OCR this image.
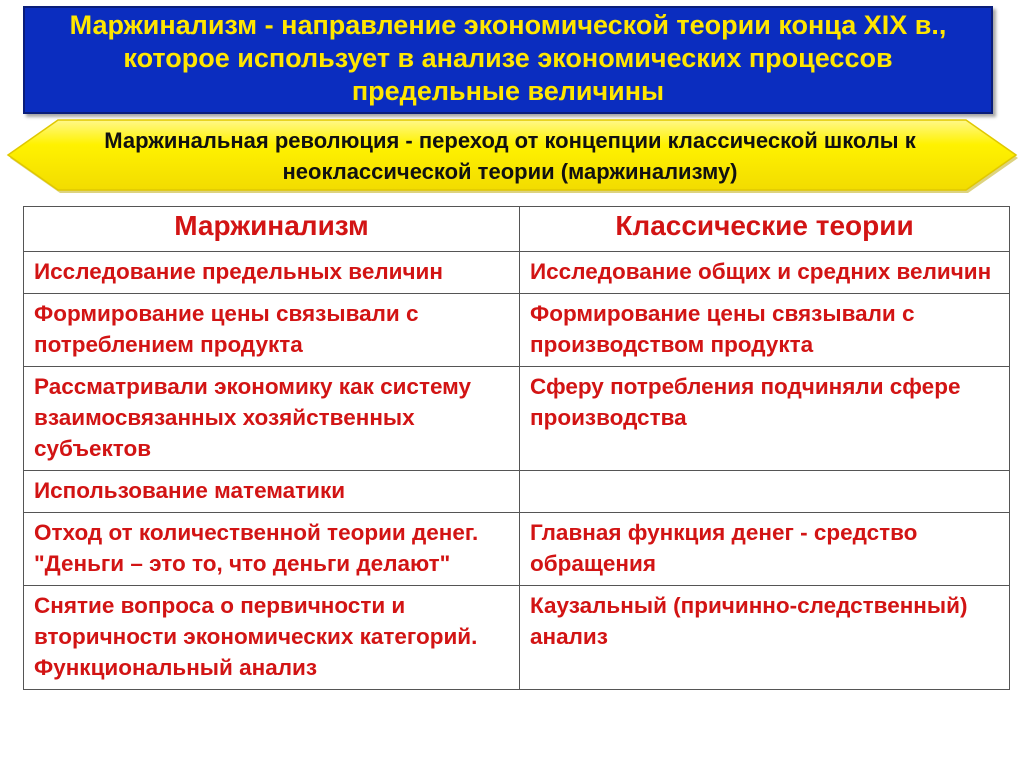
Маржинализм - направление экономической теории конца XIX в., которое использует в анализе экономических процессов предельные величины
Маржинальная революция - переход от концепции классической школы к неоклассической теории (маржинализму)
Маржинализм	Классические теории
Исследование предельных величин	Исследование общих и средних величин
Формирование цены связывали с потреблением продукта	Формирование цены связывали с производством продукта
Рассматривали экономику как систему взаимосвязанных хозяйственных субъектов	Сферу потребления подчиняли сфере производства
Использование математики	
Отход от количественной теории денег. "Деньги – это то, что деньги делают"	Главная функция денег - средство обращения
Снятие вопроса о первичности и вторичности экономических категорий. Функциональный анализ	Каузальный (причинно-следственный) анализ
